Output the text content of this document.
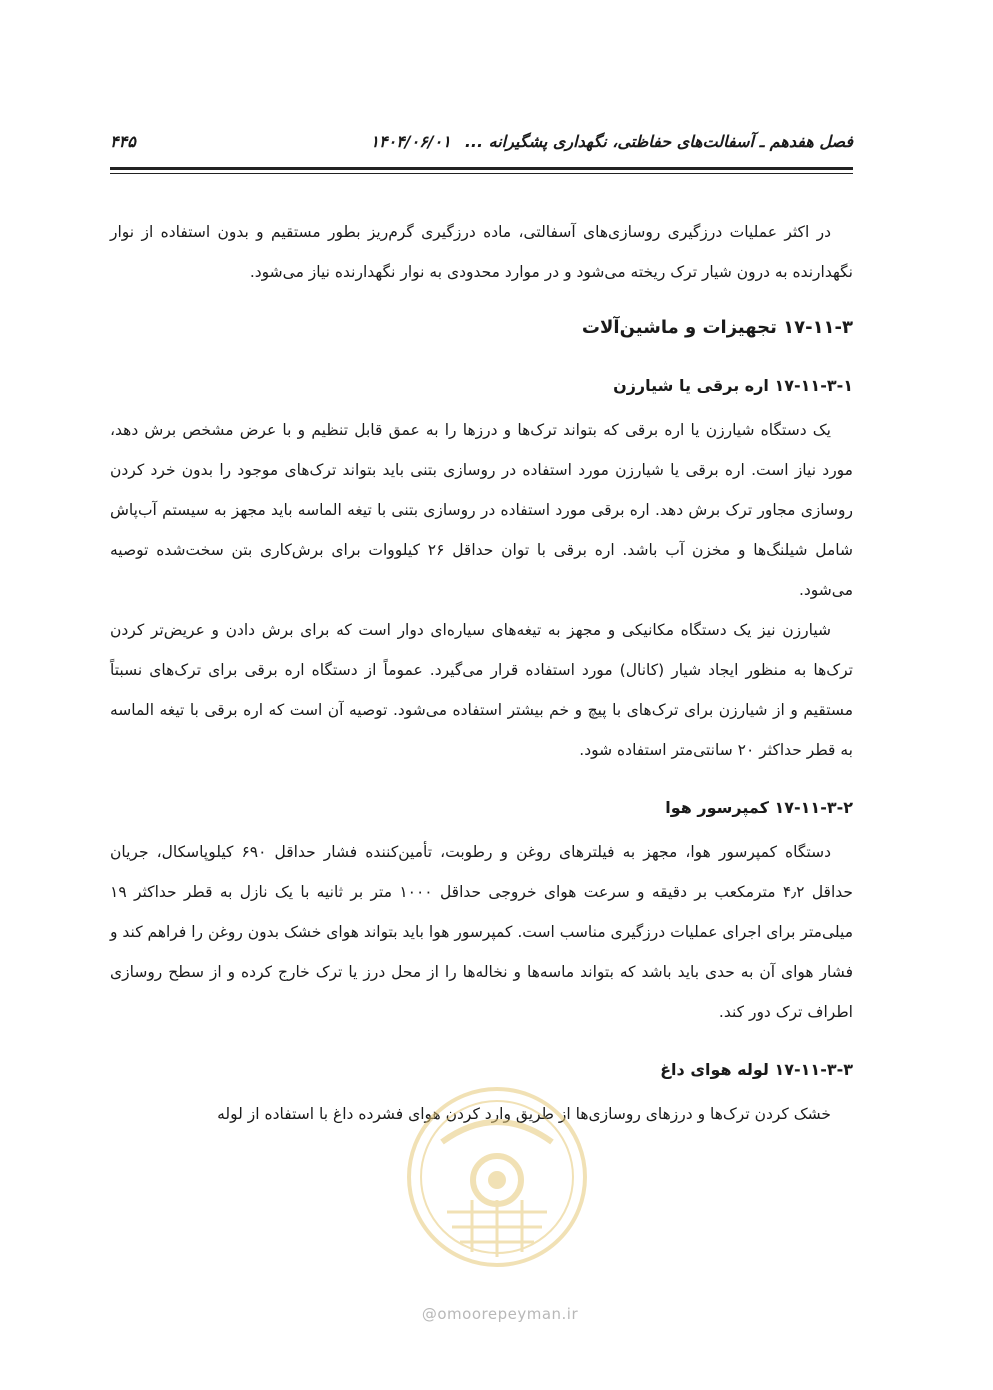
فصل هفدهم ـ آسفالت‌های حفاظتی، نگهداری پشگیرانه ...۱۴۰۴/۰۶/۰۱
۴۴۵

در اکثر عملیات درزگیری روسازی‌های آسفالتی، ماده درزگیری گرم‌ریز بطور مستقیم و بدون استفاده از نوار نگهدارنده به درون شیار ترک ریخته می‌شود و در موارد محدودی به نوار نگهدارنده نیاز می‌شود.

۱۷-۱۱-۳ تجهیزات و ماشین‌آلات
۱۷-۱۱-۳-۱ اره برقی یا شیارزن

یک دستگاه شیارزن یا اره برقی که بتواند ترک‌ها و درزها را به عمق قابل تنظیم و با عرض مشخص برش دهد، مورد نیاز است. اره برقی یا شیارزن مورد استفاده در روسازی بتنی باید بتواند ترک‌های موجود را بدون خرد کردن روسازی مجاور ترک برش دهد. اره برقی مورد استفاده در روسازی بتنی با تیغه الماسه باید مجهز به سیستم آب‌پاش شامل شیلنگ‌ها و مخزن آب باشد. اره برقی با توان حداقل ۲۶ کیلووات برای برش‌کاری بتن سخت‌شده توصیه می‌شود.

شیارزن نیز یک دستگاه مکانیکی و مجهز به تیغه‌های سیاره‌ای دوار است که برای برش دادن و عریض‌تر کردن ترک‌ها به منظور ایجاد شیار (کانال) مورد استفاده قرار می‌گیرد. عموماً از دستگاه اره برقی برای ترک‌های نسبتاً مستقیم و از شیارزن برای ترک‌های با پیچ و خم بیشتر استفاده می‌شود. توصیه آن است که اره برقی با تیغه الماسه به قطر حداکثر ۲۰ سانتی‌متر استفاده شود.

۱۷-۱۱-۳-۲ کمپرسور هوا

دستگاه کمپرسور هوا، مجهز به فیلترهای روغن و رطوبت، تأمین‌کننده فشار حداقل ۶۹۰ کیلوپاسکال، جریان حداقل ۴٫۲ مترمکعب بر دقیقه و سرعت هوای خروجی حداقل ۱۰۰۰ متر بر ثانیه با یک نازل به قطر حداکثر ۱۹ میلی‌متر برای اجرای عملیات درزگیری مناسب است. کمپرسور هوا باید بتواند هوای خشک بدون روغن را فراهم کند و فشار هوای آن به حدی باید باشد که بتواند ماسه‌ها و نخاله‌ها را از محل درز یا ترک خارج کرده و از سطح روسازی اطراف ترک دور کند.

۱۷-۱۱-۳-۳ لوله هوای داغ

خشک کردن ترک‌ها و درزهای روسازی‌ها از طریق وارد کردن هوای فشرده داغ با استفاده از لوله

@omoorepeyman.ir
